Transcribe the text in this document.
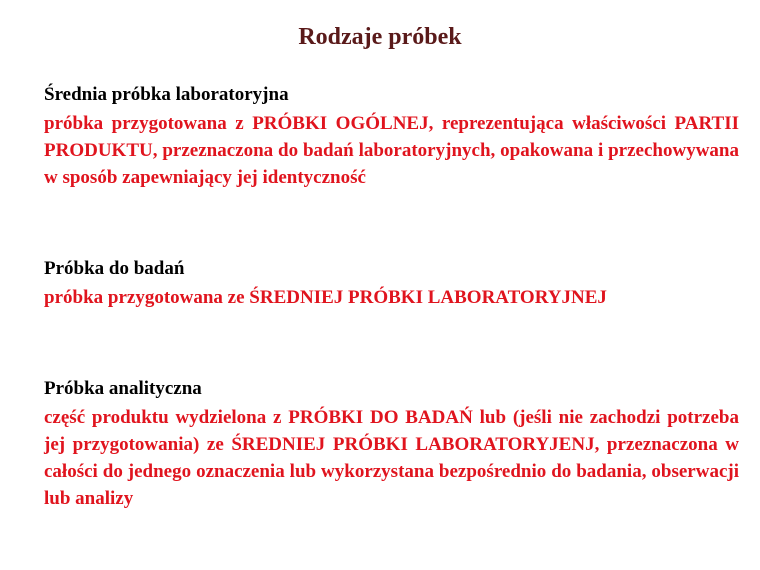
Rodzaje próbek

Średnia próbka laboratoryjna

próbka przygotowana z PRÓBKI OGÓLNEJ, reprezentująca właściwości PARTII PRODUKTU, przeznaczona do badań laboratoryjnych, opakowana i przechowywana w sposób zapewniający jej identyczność

Próbka do badań

próbka przygotowana ze ŚREDNIEJ PRÓBKI LABORATORYJNEJ

Próbka analityczna

część produktu wydzielona z PRÓBKI DO BADAŃ lub (jeśli nie zachodzi potrzeba jej przygotowania) ze ŚREDNIEJ PRÓBKI LABORATORYJENJ, przeznaczona w całości do jednego oznaczenia lub wykorzystana bezpośrednio do badania, obserwacji lub analizy
